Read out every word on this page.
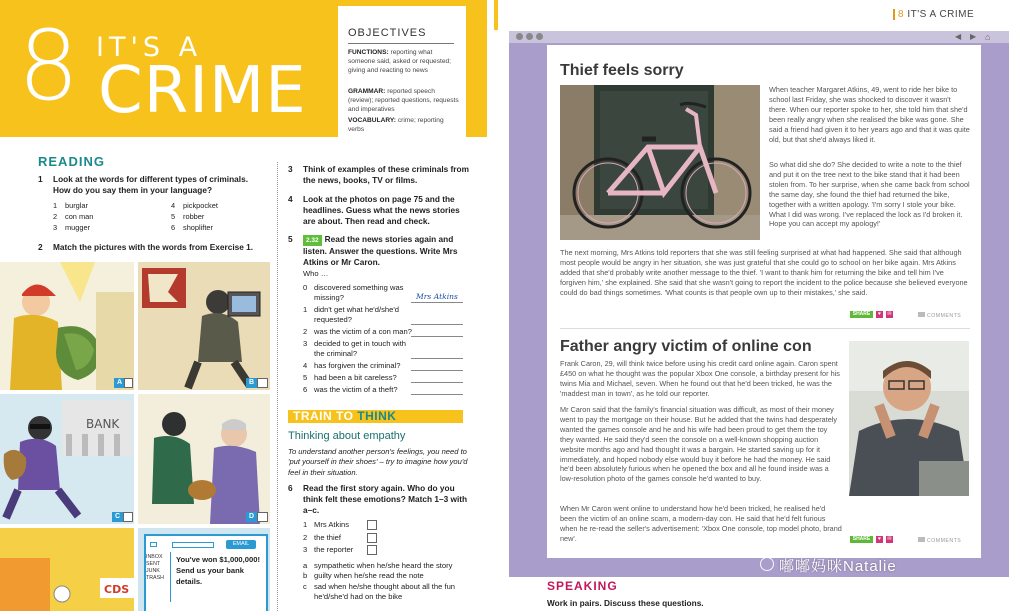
8 IT'S A
CRIME
OBJECTIVES
FUNCTIONS: reporting what someone said, asked or requested; giving and reacting to news
GRAMMAR: reported speech (review); reported questions, requests and imperatives
VOCABULARY: crime; reporting verbs
READING
1	Look at the words for different types of criminals. How do you say them in your language?
1 burglar
2 con man
3 mugger
4 pickpocket
5 robber
6 shoplifter
2	Match the pictures with the words from Exercise 1.
A	B
BANK
C	D
CDS
EMAIL
INBOX
SENT
JUNK
TRASH
You've won $1,000,000! Send us your bank details.
3	Think of examples of these criminals from the news, books, TV or films.
4	Look at the photos on page 75 and the headlines. Guess what the news stories are about. Then read and check.
5	2.32 Read the news stories again and listen. Answer the questions. Write Mrs Atkins or Mr Caron.
Who …
0 discovered something was missing?	Mrs Atkins
1 didn't get what he'd/she'd requested?
2 was the victim of a con man?
3 decided to get in touch with the criminal?
4 has forgiven the criminal?
5 had been a bit careless?
6 was the victim of a theft?
TRAIN TO THINK
Thinking about empathy
To understand another person's feelings, you need to 'put yourself in their shoes' – try to imagine how you'd feel in their situation.
6	Read the first story again. Who do you think felt these emotions? Match 1–3 with a–c.
1 Mrs Atkins
2 the thief
3 the reporter
a sympathetic when he/she heard the story
b guilty when he/she read the note
c sad when he/she thought about all the fun he'd/she'd had on the bike
8 IT'S A CRIME
◀ ▶ ⌂
Thief feels sorry
When teacher Margaret Atkins, 49, went to ride her bike to school last Friday, she was shocked to discover it wasn't there. When our reporter spoke to her, she told him that she'd been really angry when she realised the bike was gone. She said a friend had given it to her years ago and that it was quite old, but that she'd always liked it.
So what did she do? She decided to write a note to the thief and put it on the tree next to the bike stand that it had been stolen from. To her surprise, when she came back from school the same day, she found the thief had returned the bike, together with a written apology. 'I'm sorry I stole your bike. What I did was wrong. I've replaced the lock as I'd broken it. Hope you can accept my apology!'
The next morning, Mrs Atkins told reporters that she was still feeling surprised at what had happened. She said that although most people would be angry in her situation, she was just grateful that she could go to school on her bike again. Mrs Atkins added that she'd probably write another message to the thief. 'I want to thank him for returning the bike and tell him I've forgiven him,' she explained. She said that she wasn't going to report the incident to the police because she believed everyone could do bad things sometimes. 'What counts is that people own up to their mistakes,' she said.
SHARE	♥	✉	COMMENTS
Father angry victim of online con
Frank Caron, 29, will think twice before using his credit card online again. Caron spent £450 on what he thought was the popular Xbox One console, a birthday present for his twins Mia and Michael, seven. When he found out that he'd been tricked, he was the 'maddest man in town', as he told our reporter.
Mr Caron said that the family's financial situation was difficult, as most of their money went to pay the mortgage on their house. But he added that the twins had desperately wanted the games console and he and his wife had been proud to get them the toy they wanted. He said they'd seen the console on a well-known shopping auction website months ago and had thought it was a bargain. He started saving up for it immediately, and hoped nobody else would buy it before he had the money. He said he'd been absolutely furious when he opened the box and all he found inside was a low-resolution photo of the games console he'd wanted to buy.
When Mr Caron went online to understand how he'd been tricked, he realised he'd been the victim of an online scam, a modern-day con. He said that he'd felt furious when he re-read the seller's advertisement: 'Xbox One console, top model photo, brand new'.	SHARE	♥	✉	COMMENTS
SPEAKING
Work in pairs. Discuss these questions.
嘟嘟妈咪Natalie
